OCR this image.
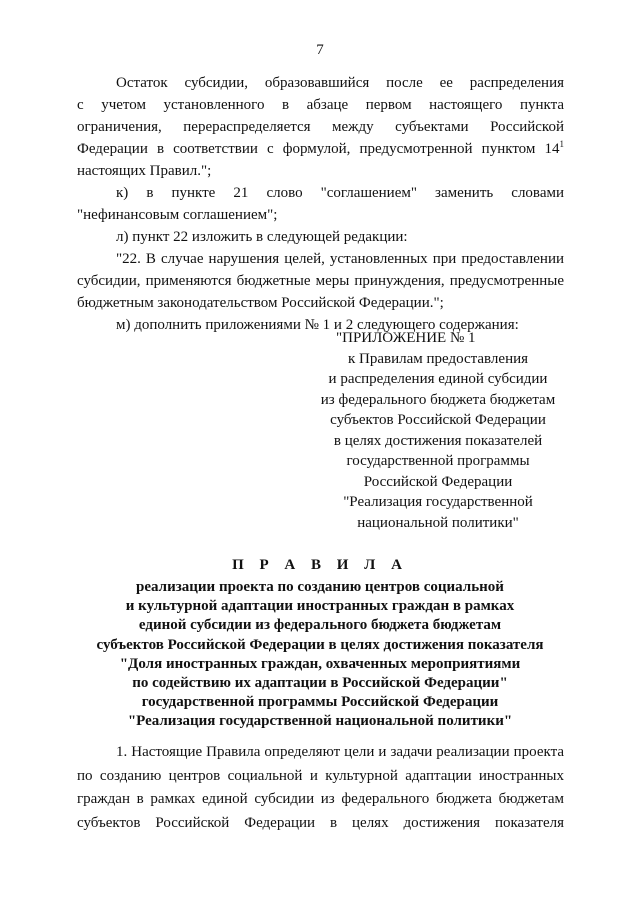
7

Остаток субсидии, образовавшийся после ее распределения

с учетом установленного в абзаце первом настоящего пункта

ограничения, перераспределяется между субъектами Российской

Федерации в соответствии с формулой, предусмотренной пунктом $14^1$

настоящих Правил.";

к) в пункте 21 слово "соглашением" заменить словами

"нефинансовым соглашением";

л) пункт 22 изложить в следующей редакции:

"22. В случае нарушения целей, установленных при предоставлении

субсидии, применяются бюджетные меры принуждения, предусмотренные

бюджетным законодательством Российской Федерации.";

м) дополнить приложениями № 1 и 2 следующего содержания:

"ПРИЛОЖЕНИЕ № 1
к Правилам предоставления
и распределения единой субсидии
из федерального бюджета бюджетам
субъектов Российской Федерации
в целях достижения показателей
государственной программы
Российской Федерации
"Реализация государственной
национальной политики"
П Р А В И Л А
реализации проекта по созданию центров социальной
и культурной адаптации иностранных граждан в рамках
единой субсидии из федерального бюджета бюджетам
субъектов Российской Федерации в целях достижения показателя
"Доля иностранных граждан, охваченных мероприятиями
по содействию их адаптации в Российской Федерации"
государственной программы Российской Федерации
"Реализация государственной национальной политики"

1. Настоящие Правила определяют цели и задачи реализации проекта

по созданию центров социальной и культурной адаптации иностранных

граждан в рамках единой субсидии из федерального бюджета бюджетам

субъектов Российской Федерации в целях достижения показателя
